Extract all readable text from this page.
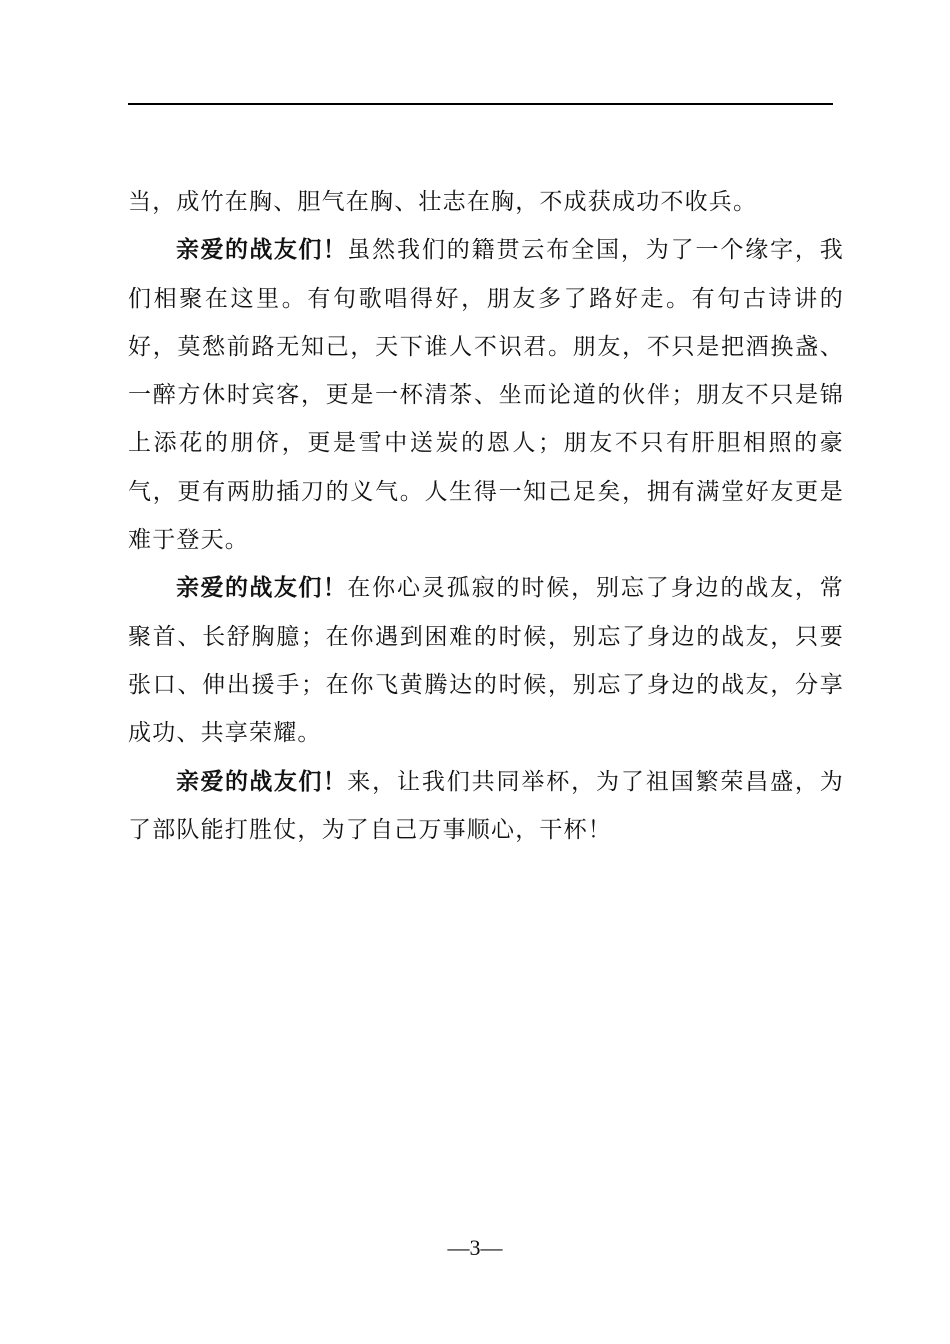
当，成竹在胸、胆气在胸、壮志在胸，不成获成功不收兵。

亲爱的战友们！虽然我们的籍贯云布全国，为了一个缘字，我们相聚在这里。有句歌唱得好，朋友多了路好走。有句古诗讲的好，莫愁前路无知己，天下谁人不识君。朋友，不只是把酒换盏、一醉方休时宾客，更是一杯清茶、坐而论道的伙伴；朋友不只是锦上添花的朋侪，更是雪中送炭的恩人；朋友不只有肝胆相照的豪气，更有两肋插刀的义气。人生得一知己足矣，拥有满堂好友更是难于登天。

亲爱的战友们！在你心灵孤寂的时候，别忘了身边的战友，常聚首、长舒胸臆；在你遇到困难的时候，别忘了身边的战友，只要张口、伸出援手；在你飞黄腾达的时候，别忘了身边的战友，分享成功、共享荣耀。

亲爱的战友们！来，让我们共同举杯，为了祖国繁荣昌盛，为了部队能打胜仗，为了自己万事顺心，干杯！

—3—
